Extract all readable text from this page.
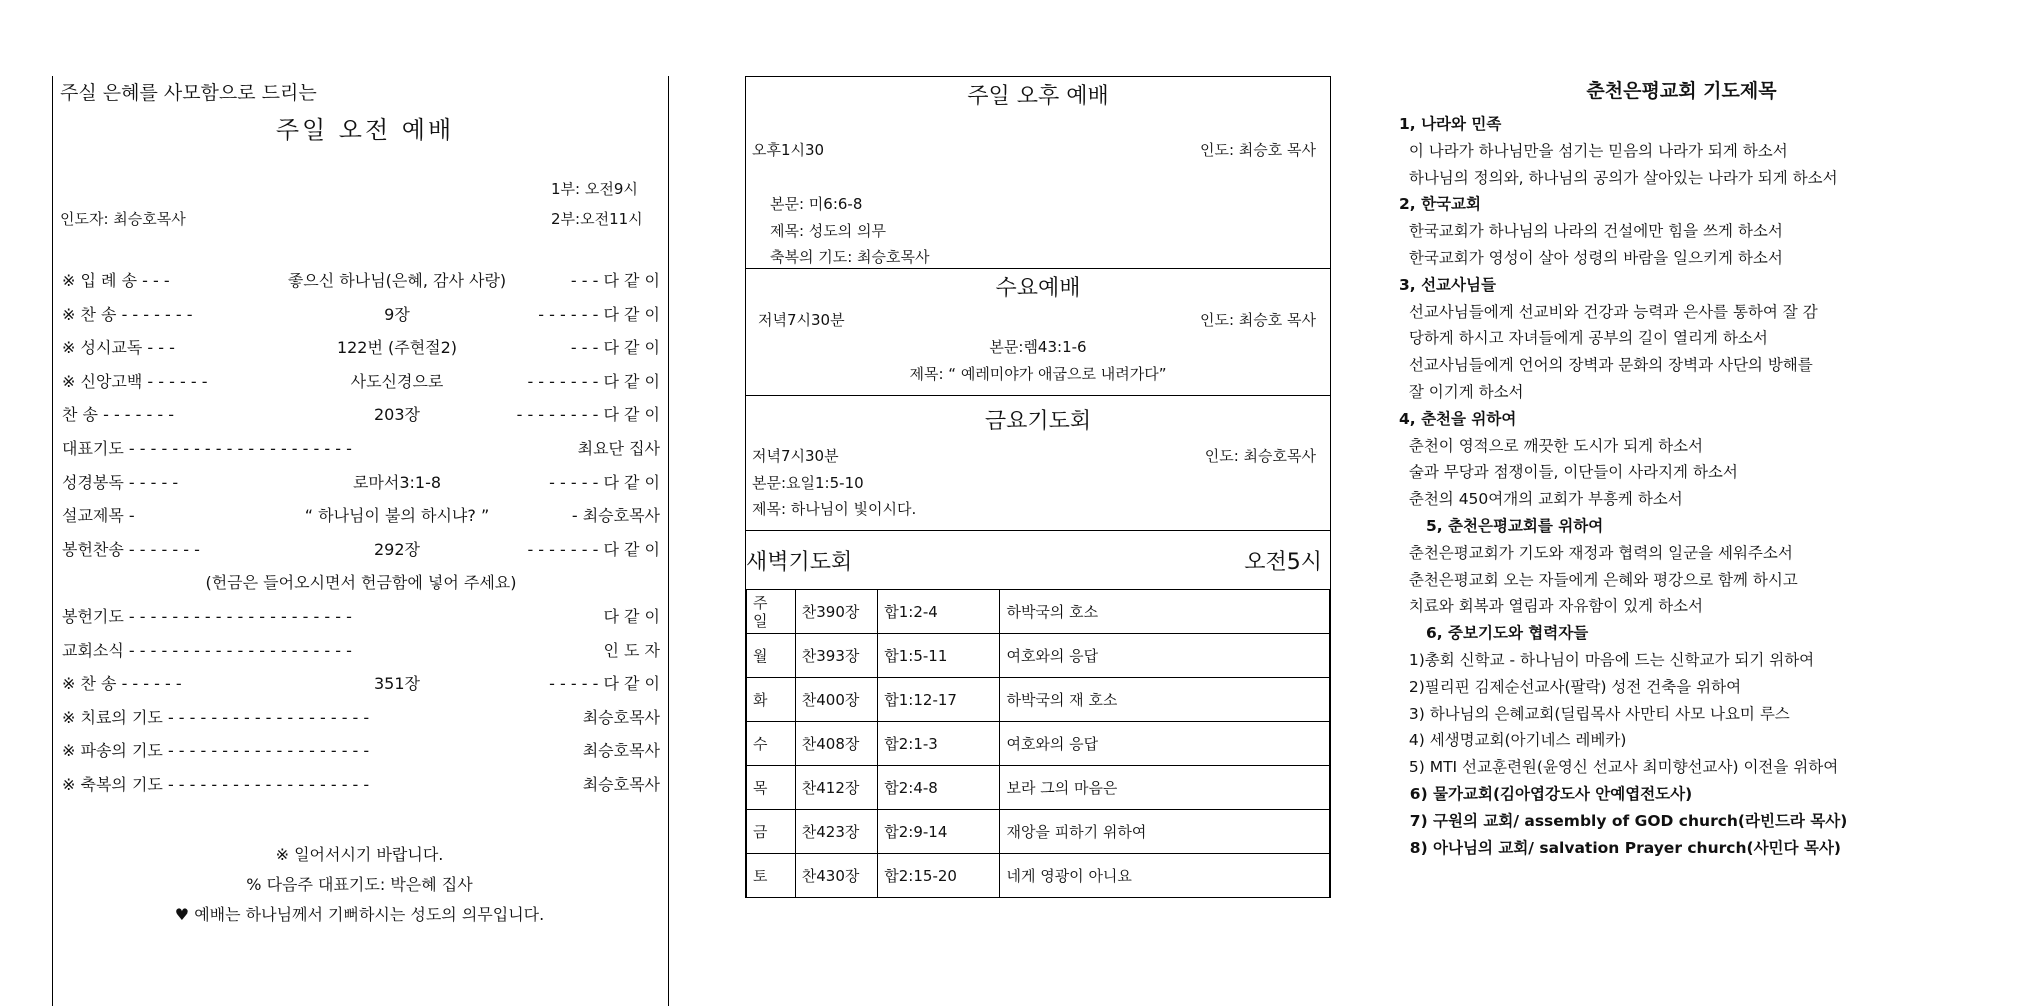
주실 은혜를 사모함으로 드리는
주일 오전 예배
1부: 오전9시
인도자: 최승호목사	2부:오전11시
※ 입 례 송 - - -	좋으신 하나님(은혜, 감사 사랑)	- - - 다 같 이
※ 찬 송 - - - - - - -	9장	- - - - - - 다 같 이
※ 성시교독 - - -	122번 (주현절2)	- - - 다 같 이
※ 신앙고백 - - - - - -	사도신경으로	- - - - - - - 다 같 이
찬 송 - - - - - - -	203장	- - - - - - - - 다 같 이
대표기도 - - - - - - - - - - - - - - - - - - - - -	최요단 집사
성경봉독 - - - - -	로마서3:1-8	- - - - - 다 같 이
설교제목 -	“ 하나님이 불의 하시냐? ”	- 최승호목사
봉헌찬송 - - - - - - -	292장	- - - - - - - 다 같 이
(헌금은 들어오시면서 헌금함에 넣어 주세요)
봉헌기도 - - - - - - - - - - - - - - - - - - - - -	다 같 이
교회소식 - - - - - - - - - - - - - - - - - - - - -	인 도 자
※ 찬 송 - - - - - -	351장	- - - - - 다 같 이
※ 치료의 기도 - - - - - - - - - - - - - - - - - - -	최승호목사
※ 파송의 기도 - - - - - - - - - - - - - - - - - - -	최승호목사
※ 축복의 기도 - - - - - - - - - - - - - - - - - - -	최승호목사
※ 일어서시기 바랍니다.
% 다음주 대표기도: 박은혜 집사
♥ 예배는 하나님께서 기뻐하시는 성도의 의무입니다.
주일 오후 예배
오후1시30	인도: 최승호 목사
본문: 미6:6-8
제목: 성도의 의무
축복의 기도: 최승호목사
수요예배
저녁7시30분	인도: 최승호 목사
본문:렘43:1-6
제목: “ 예레미야가 애굽으로 내려가다”
금요기도회
저녁7시30분	인도: 최승호목사
본문:요일1:5-10
제목: 하나님이 빛이시다.
새벽기도회	오전5시
주
일	찬390장	합1:2-4	하박국의 호소
월	찬393장	합1:5-11	여호와의 응답
화	찬400장	합1:12-17	하박국의 재 호소
수	찬408장	합2:1-3	여호와의 응답
목	찬412장	합2:4-8	보라 그의 마음은
금	찬423장	합2:9-14	재앙을 피하기 위하여
토	찬430장	합2:15-20	네게 영광이 아니요
춘천은평교회 기도제목
1, 나라와 민족
이 나라가 하나님만을 섬기는 믿음의 나라가 되게 하소서
하나님의 정의와, 하나님의 공의가 살아있는 나라가 되게 하소서
2, 한국교회
한국교회가 하나님의 나라의 건설에만 힘을 쓰게 하소서
한국교회가 영성이 살아 성령의 바람을 일으키게 하소서
3, 선교사님들
선교사님들에게 선교비와 건강과 능력과 은사를 통하여 잘 감
당하게 하시고 자녀들에게 공부의 길이 열리게 하소서
선교사님들에게 언어의 장벽과 문화의 장벽과 사단의 방해를
잘 이기게 하소서
4, 춘천을 위하여
춘천이 영적으로 깨끗한 도시가 되게 하소서
술과 무당과 점쟁이들, 이단들이 사라지게 하소서
춘천의 450여개의 교회가 부흥케 하소서
5, 춘천은평교회를 위하여
춘천은평교회가 기도와 재정과 협력의 일군을 세워주소서
춘천은평교회 오는 자들에게 은혜와 평강으로 함께 하시고
치료와 회복과 열림과 자유함이 있게 하소서
6, 중보기도와 협력자들
1)총회 신학교 - 하나님이 마음에 드는 신학교가 되기 위하여
2)필리핀 김제순선교사(팔락) 성전 건축을 위하여
3) 하나님의 은혜교회(딜립목사 사만티 사모 나요미 루스
4) 세생명교회(아기네스 레베카)
5) MTI 선교훈련원(윤영신 선교사 최미향선교사) 이전을 위하여
6) 물가교회(김아엽강도사 안예엽전도사)
7) 구원의 교회/ assembly of GOD church(라빈드라 목사)
8) 아나님의 교회/ salvation Prayer church(사민다 목사)
